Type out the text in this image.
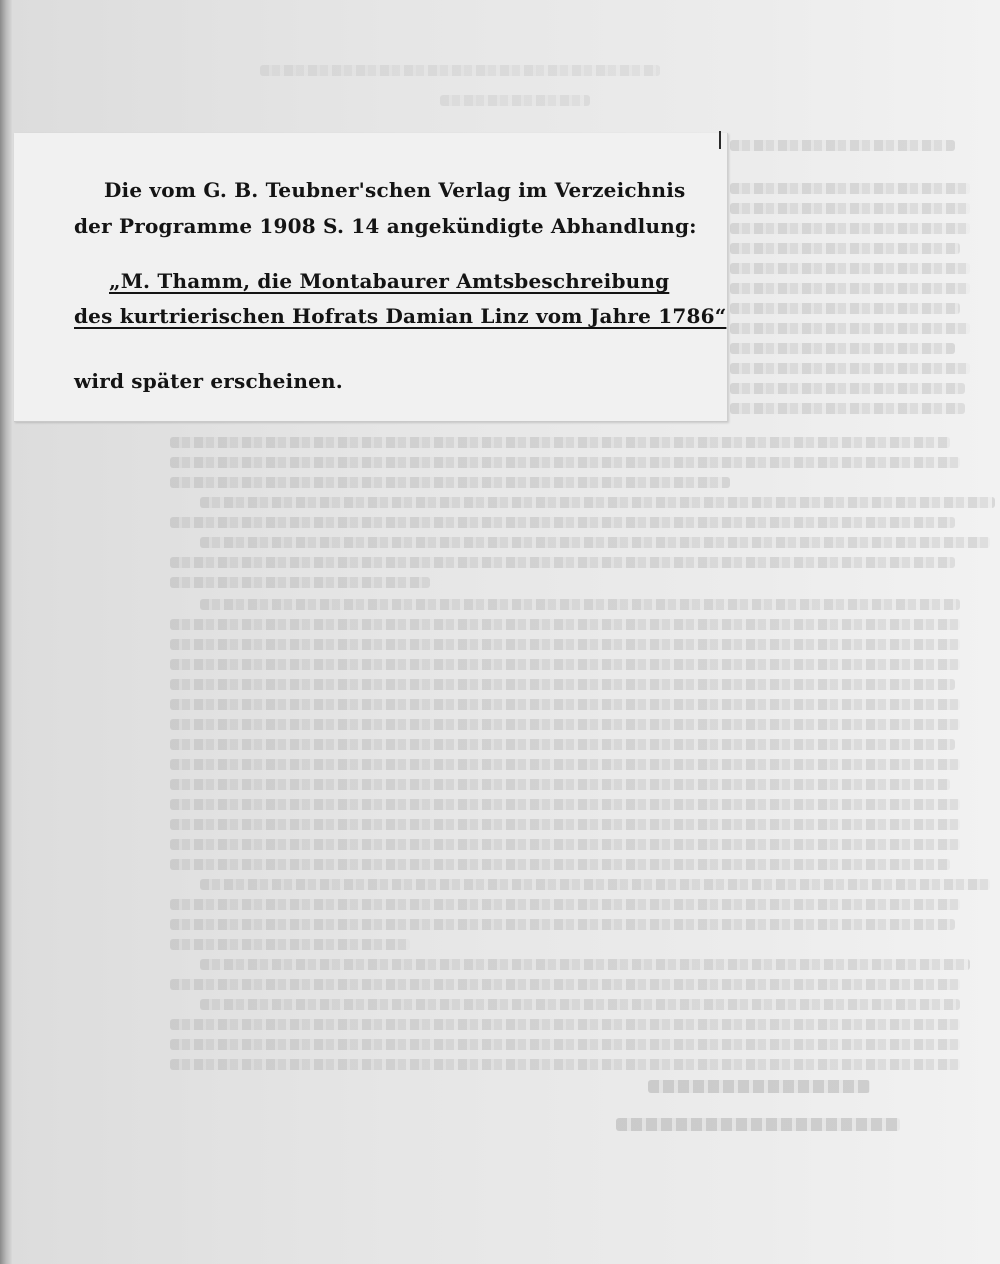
Die vom G. B. Teubner'schen Verlag im Verzeichnis

der Programme 1908 S. 14 angekündigte Abhandlung:

„M. Thamm, die Montabaurer Amtsbeschreibung

des kurtrierischen Hofrats Damian Linz vom Jahre 1786“

wird später erscheinen.
